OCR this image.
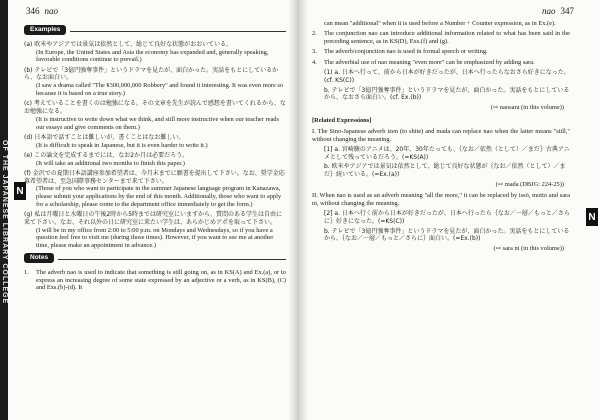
OF THE JAPANESE LIBRARY COLLEGE N
346 nao
Examples
(a) 欧米やアジアでは景気は依然として、総じて良好な状態がおおいている。
(In Europe, the United States and Asia the economy has expanded and, generally speaking, favorable conditions continue to prevail.)
(b) テレビで「3億円強奪事件」というドラマを見たが、面白かった。実話をもとにしているから、なお面白い。
(I saw a drama called "The ¥300,000,000 Robbery" and found it interesting. It was even more so because it is based on a true story.)
(c) 考えていることを書くのは勉強になる。その文章を先生が読んで感想を書いてくれるから、なお勉強になる。
(It is instructive to write down what we think, and still more instructive when our teacher reads our essays and give comments on them.)
(d) 日本語で話すことは難しいが、書くことはなお難しい。
(It is difficult to speak in Japanese, but it is even harder to write it.)
(e) この論文を完成するまでには、なお2か月は必要だろう。
(It will take an additional two months to finish this paper.)
(f) 金沢での夏期日本語講座参加希望者は、今月末までに願書を提出して下さい。なお、奨学金応募希望者は、至急国際事務センターまで来て下さい。
(Those of you who want to participate in the summer Japanese language program in Kanazawa, please submit your applications by the end of this month. Additionally, those who want to apply for a scholarship, please come to the department office immediately to get the form.)
(g) 私は月曜日と水曜日の午後2時から5時までは研究室にいますから、質問のある学生は自由に来て下さい。なお、それ以外の日に研究室に来たい学生は、あらかじめアポを取って下さい。
(I will be in my office from 2:00 to 5:00 p.m. on Mondays and Wednesdays, so if you have a question feel free to visit me (during those times). However, if you want to see me at another time, please make an appointment in advance.)
Notes
1.	The adverb nao is used to indicate that something is still going on, as in KS(A) and Ex.(a), or to express an increasing degree of some state expressed by an adjective or a verb, as in KS(B), (C) and Exs.(b)-(d). It
nao 347
N
can mean "additional" when it is used before a Number + Counter expression, as in Ex.(e).
2.	The conjunction nao can introduce additional information related to what has been said in the preceding sentence, as in KS(D), Exs.(f) and (g).
3.	The adverb/conjunction nao is used in formal speech or writing.
4.	The adverbial use of nao meaning "even more" can be emphasized by adding sara.
(1) a. 日本へ行って、前から日本が好きだったが、日本へ行ったらなおさら好きになった。(cf. KS(C))
b. テレビで「3億円強奪事件」というドラマを見たが、面白かった。実話をもとにしているから、なおさら面白い。(cf. Ex.(b))
(⇨ naosara (in this volume))
[Related Expressions]
I. The Sino-Japanese adverb izen (to shite) and mada can replace nao when the latter means "still," without changing the meaning.
[1] a. 宮崎駿のアニメは、20年、30年たっても、｛なお／依然（として）／まだ｝古典アニメとして残っているだろう。(=KS(A))
b. 欧米やアジアでは景気は依然として、総じて良好な状態が｛なお／依然（として）／まだ｝続いている。(=Ex.(a))
(⇨ mada (DBJG: 224-25))
II. When nao is used as an adverb meaning "all the more," it can be replaced by issō, motto and sara ni, without changing the meaning.
[2] a. 日本へ行く前から日本が好きだったが、日本へ行ったら｛なお／一層／もっと／さらに｝好きになった。(=KS(C))
b. テレビで「3億円強奪事件」というドラマを見たが、面白かった。実話をもとにしているから、｛なお／一層／もっと／さらに｝面白い。(=Ex.(b))
(⇨ sara ni (in this volume))
